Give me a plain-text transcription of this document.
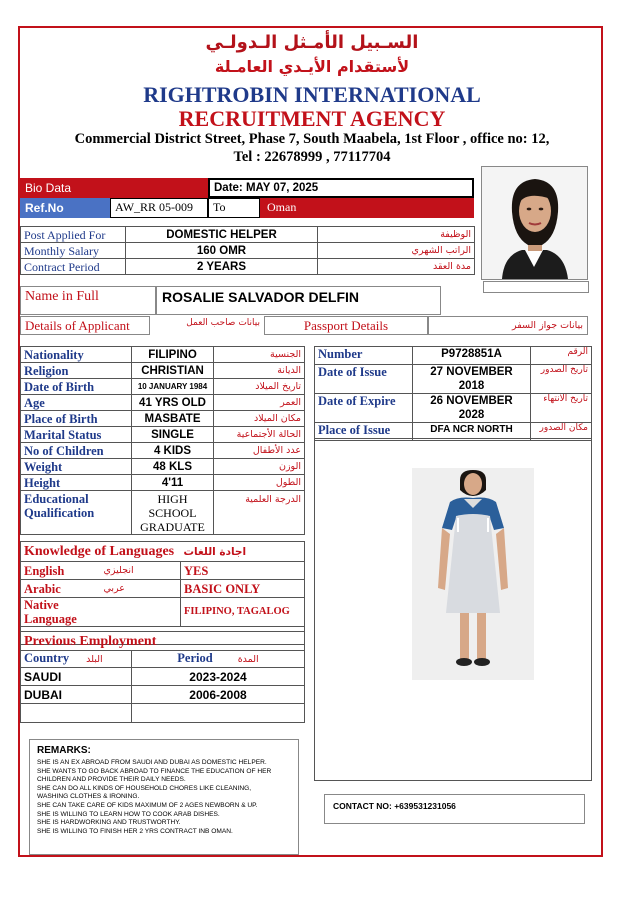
السـبيل الأمـثل الـدولـي
لأستقدام الأيـدي العامـلة
RIGHTROBIN INTERNATIONAL
RECRUITMENT AGENCY
Commercial District Street, Phase 7, South Maabela, 1st Floor , office no: 12,
Tel : 22678999 , 77117704
Bio Data	Date: MAY 07, 2025
Ref.No	AW_RR 05-009	To	Oman
Post Applied For	DOMESTIC HELPER	الوظيفة
Monthly Salary	160 OMR	الراتب الشهري
Contract Period	2 YEARS	مدة العقد
Name in Full	ROSALIE SALVADOR DELFIN
Details of Applicant	بيانات صاحب العمل	Passport Details	بيانات جواز السفر
Nationality	FILIPINO	الجنسية
Religion	CHRISTIAN	الديانة
Date of Birth	10 JANUARY 1984	تاريخ الميلاد
Age	41 YRS OLD	العمر
Place of Birth	MASBATE	مكان الميلاد
Marital Status	SINGLE	الحالة الأجتماعية
No of Children	4 KIDS	عدد الأطفال
Weight	48 KLS	الوزن
Height	4'11	الطول
Educational Qualification	HIGH SCHOOL GRADUATE	الدرجة العلمية
Knowledge of Languages		اجادة اللغات
English	انجليزي	YES
Arabic	عربي	BASIC ONLY
Native Language		FILIPINO, TAGALOG

Previous Employment	
Country البلد	Period المدة
SAUDI	2023-2024
DUBAI	2006-2008

Number	P9728851A	الرقم
Date of Issue	27 NOVEMBER 2018	تاريخ الصدور
Date of Expire	26 NOVEMBER 2028	تاريخ الانتهاء
Place of Issue	DFA NCR NORTH	مكان الصدور
REMARKS:
SHE IS AN EX ABROAD FROM SAUDI AND DUBAI AS DOMESTIC HELPER.
SHE WANTS TO GO BACK ABROAD TO FINANCE THE EDUCATION OF HER
CHILDREN AND PROVIDE THEIR DAILY NEEDS.
SHE CAN DO ALL KINDS OF HOUSEHOLD CHORES LIKE CLEANING,
WASHING CLOTHES & IRONING.
SHE CAN TAKE CARE OF KIDS MAXIMUM OF 2 AGES NEWBORN & UP.
SHE IS WILLING TO LEARN HOW TO COOK ARAB DISHES.
SHE IS HARDWORKING AND TRUSTWORTHY.
SHE IS WILLING TO FINISH HER 2 YRS CONTRACT INB OMAN.
CONTACT NO: +639531231056
